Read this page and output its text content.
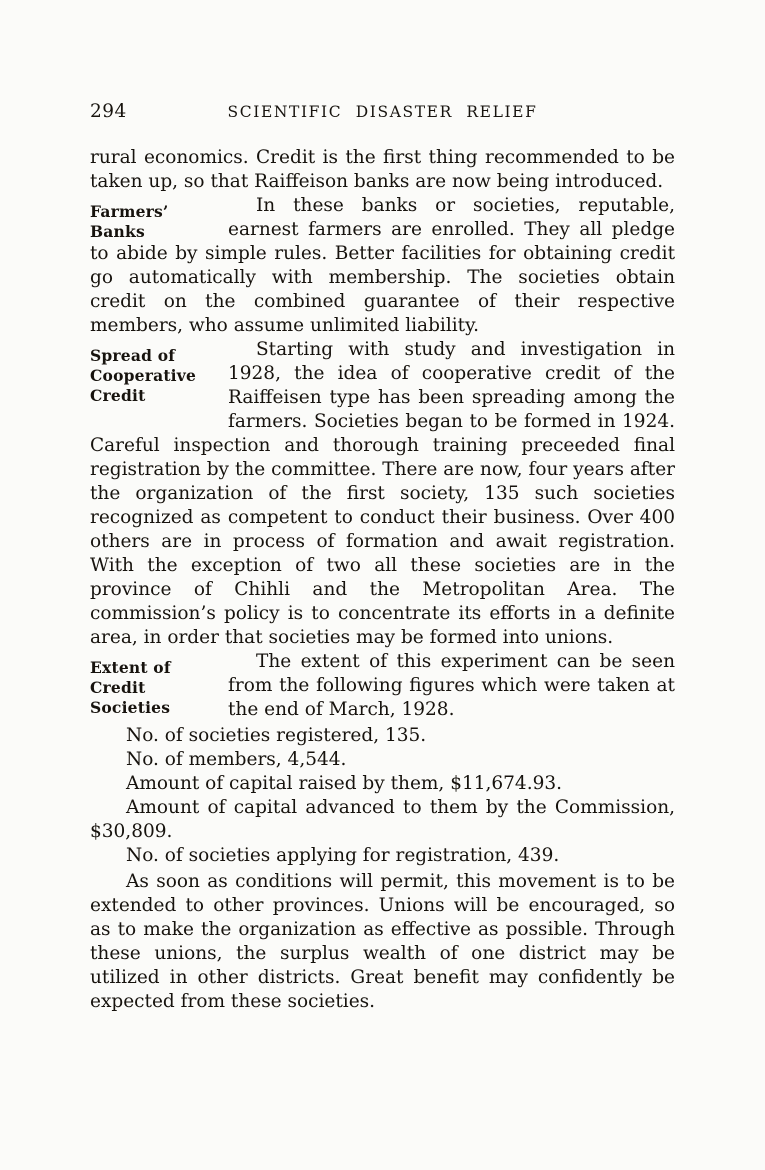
294	SCIENTIFIC DISASTER RELIEF

rural economics. Credit is the first thing recommended to be taken up, so that Raiffeison banks are now being introduced.

Farmers’ Banks

In these banks or societies, reputable, earnest farmers are enrolled. They all pledge to abide by simple rules. Better facilities for obtaining credit go automatically with membership. The societies obtain credit on the combined guarantee of their respective members, who assume unlimited liability.

Spread of
Cooperative
Credit

Starting with study and investigation in 1928, the idea of cooperative credit of the Raiffeisen type has been spreading among the farmers. Societies began to be formed in 1924. Careful inspection and thorough training preceeded final registration by the committee. There are now, four years after the organization of the first society, 135 such societies recognized as competent to conduct their business. Over 400 others are in process of formation and await registration. With the exception of two all these societies are in the province of Chihli and the Metropolitan Area. The commission’s policy is to concentrate its efforts in a definite area, in order that societies may be formed into unions.

Extent of
Credit Societies

The extent of this experiment can be seen from the following figures which were taken at the end of March, 1928.

No. of societies registered, 135.

No. of members, 4,544.

Amount of capital raised by them, $11,674.93.

Amount of capital advanced to them by the Commission, $30,809.

No. of societies applying for registration, 439.

As soon as conditions will permit, this movement is to be extended to other provinces. Unions will be encouraged, so as to make the organization as effective as possible. Through these unions, the surplus wealth of one district may be utilized in other districts. Great benefit may confidently be expected from these societies.
